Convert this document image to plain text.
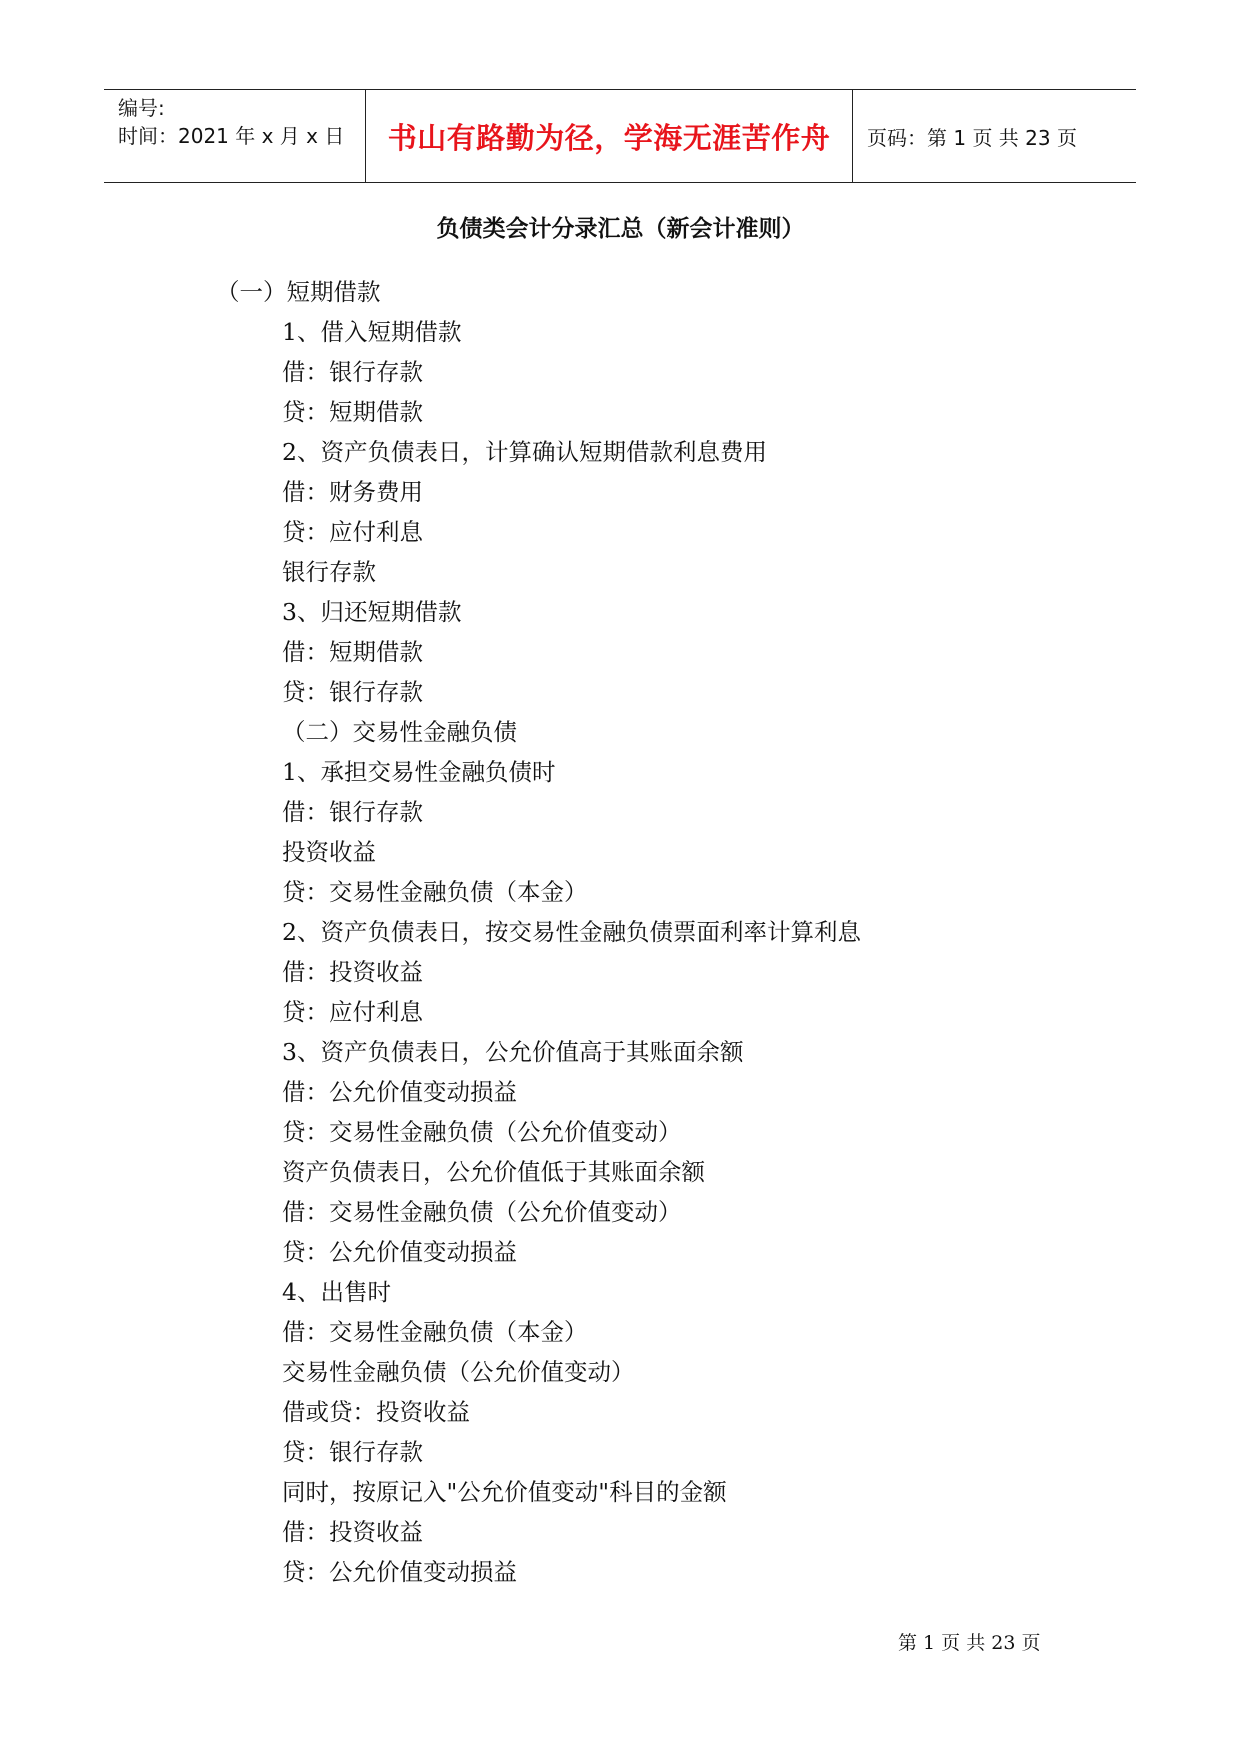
编号:
时间：2021 年 x 月 x 日 书山有路勤为径，学海无涯苦作舟 页码：第 1 页 共 23 页
负债类会计分录汇总（新会计准则）
（一）短期借款
1、借入短期借款
借：银行存款
贷：短期借款
2、资产负债表日，计算确认短期借款利息费用
借：财务费用
贷：应付利息
银行存款
3、归还短期借款
借：短期借款
贷：银行存款
（二）交易性金融负债
1、承担交易性金融负债时
借：银行存款
投资收益
贷：交易性金融负债（本金）
2、资产负债表日，按交易性金融负债票面利率计算利息
借：投资收益
贷：应付利息
3、资产负债表日，公允价值高于其账面余额
借：公允价值变动损益
贷：交易性金融负债（公允价值变动）
资产负债表日，公允价值低于其账面余额
借：交易性金融负债（公允价值变动）
贷：公允价值变动损益
4、出售时
借：交易性金融负债（本金）
交易性金融负债（公允价值变动）
借或贷：投资收益
贷：银行存款
同时，按原记入"公允价值变动"科目的金额
借：投资收益
贷：公允价值变动损益
第 1 页 共 23 页
